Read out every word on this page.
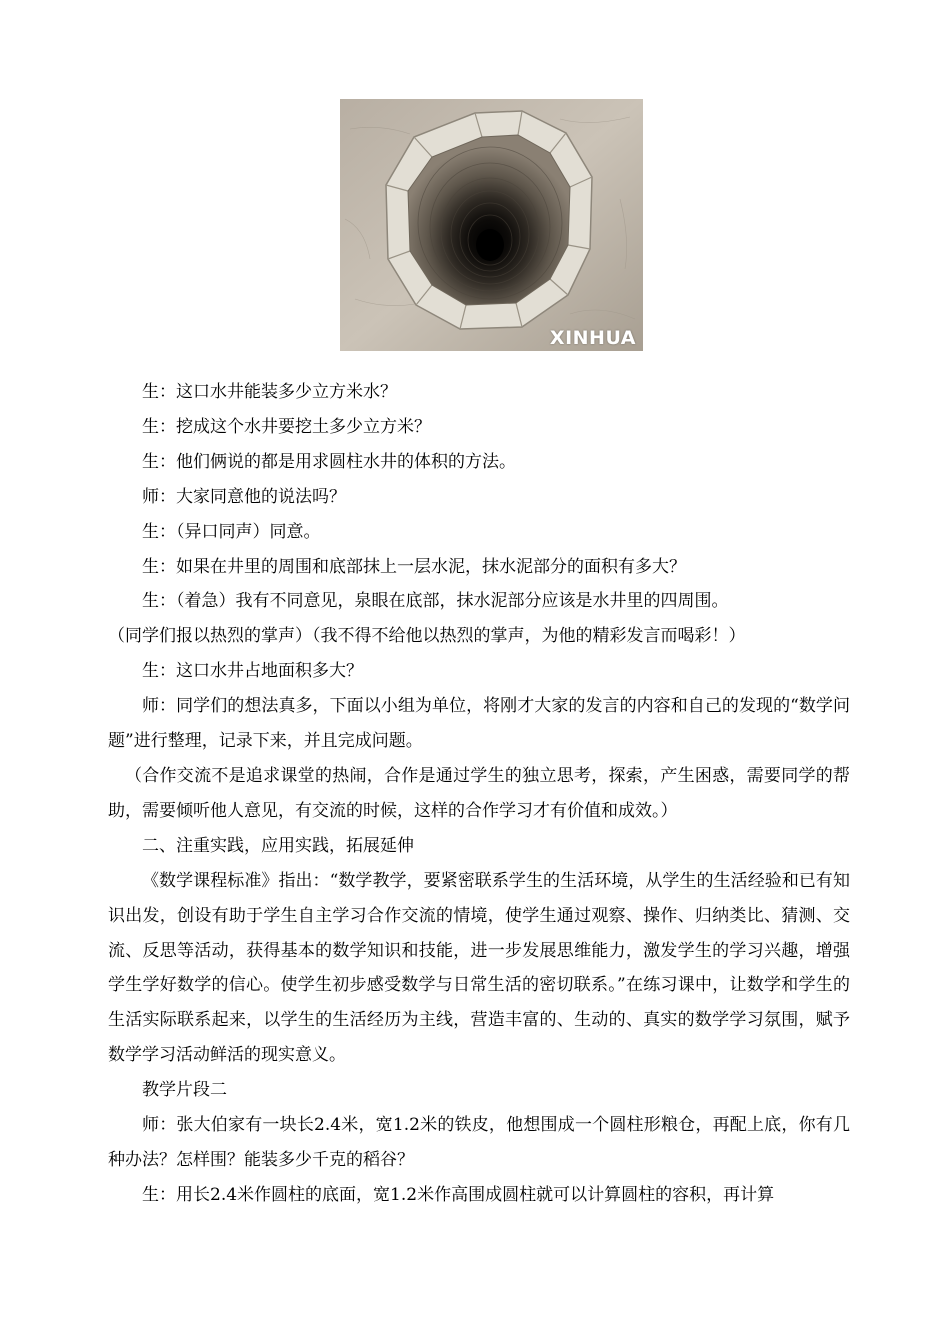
XINHUA

生：这口水井能装多少立方米水？

生：挖成这个水井要挖土多少立方米？

生：他们俩说的都是用求圆柱水井的体积的方法。

师：大家同意他的说法吗？

生：（异口同声）同意。

生：如果在井里的周围和底部抹上一层水泥，抹水泥部分的面积有多大？

生：（着急）我有不同意见，泉眼在底部，抹水泥部分应该是水井里的四周围。

（同学们报以热烈的掌声）（我不得不给他以热烈的掌声，为他的精彩发言而喝彩！）

生：这口水井占地面积多大？

师：同学们的想法真多，下面以小组为单位，将刚才大家的发言的内容和自己的发现的“数学问题”进行整理，记录下来，并且完成问题。

（合作交流不是追求课堂的热闹，合作是通过学生的独立思考，探索，产生困惑，需要同学的帮助，需要倾听他人意见，有交流的时候，这样的合作学习才有价值和成效。）

二、注重实践，应用实践，拓展延伸

《数学课程标准》指出：“数学教学，要紧密联系学生的生活环境，从学生的生活经验和已有知识出发，创设有助于学生自主学习合作交流的情境，使学生通过观察、操作、归纳类比、猜测、交流、反思等活动，获得基本的数学知识和技能，进一步发展思维能力，激发学生的学习兴趣，增强学生学好数学的信心。使学生初步感受数学与日常生活的密切联系。”在练习课中，让数学和学生的生活实际联系起来，以学生的生活经历为主线，营造丰富的、生动的、真实的数学学习氛围，赋予数学学习活动鲜活的现实意义。

教学片段二

师：张大伯家有一块长2.4米，宽1.2米的铁皮，他想围成一个圆柱形粮仓，再配上底，你有几种办法？怎样围？能装多少千克的稻谷？

生：用长2.4米作圆柱的底面，宽1.2米作高围成圆柱就可以计算圆柱的容积，再计算
